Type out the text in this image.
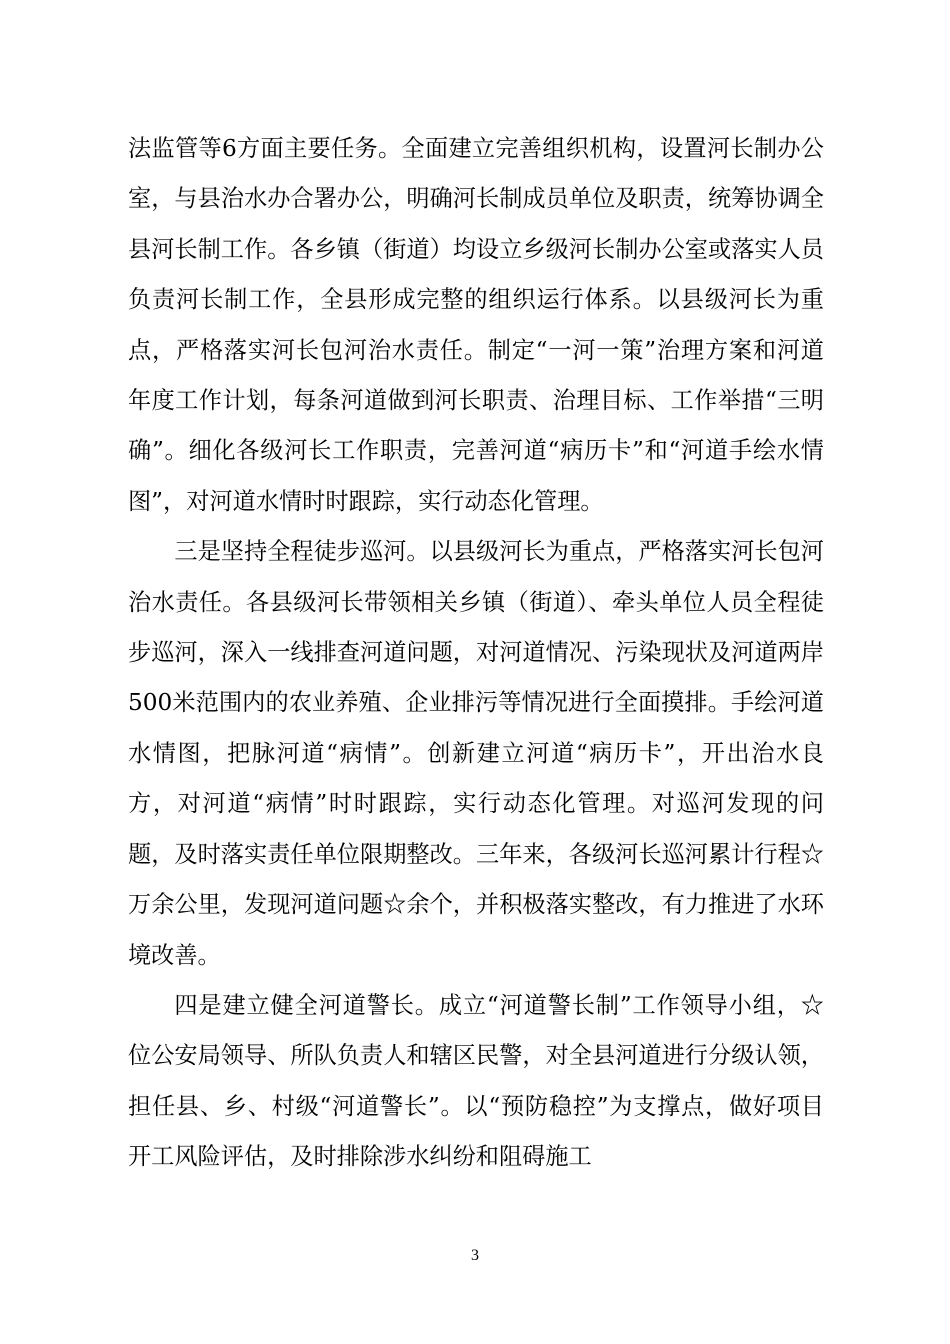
法监管等6方面主要任务。全面建立完善组织机构，设置河长制办公室，与县治水办合署办公，明确河长制成员单位及职责，统筹协调全县河长制工作。各乡镇（街道）均设立乡级河长制办公室或落实人员负责河长制工作，全县形成完整的组织运行体系。以县级河长为重点，严格落实河长包河治水责任。制定“一河一策”治理方案和河道年度工作计划，每条河道做到河长职责、治理目标、工作举措“三明确”。细化各级河长工作职责，完善河道“病历卡”和“河道手绘水情图”，对河道水情时时跟踪，实行动态化管理。

三是坚持全程徒步巡河。以县级河长为重点，严格落实河长包河治水责任。各县级河长带领相关乡镇（街道）、牵头单位人员全程徒步巡河，深入一线排查河道问题，对河道情况、污染现状及河道两岸500米范围内的农业养殖、企业排污等情况进行全面摸排。手绘河道水情图，把脉河道“病情”。创新建立河道“病历卡”，开出治水良方，对河道“病情”时时跟踪，实行动态化管理。对巡河发现的问题，及时落实责任单位限期整改。三年来，各级河长巡河累计行程☆万余公里，发现河道问题☆余个，并积极落实整改，有力推进了水环境改善。

四是建立健全河道警长。成立“河道警长制”工作领导小组，☆位公安局领导、所队负责人和辖区民警，对全县河道进行分级认领，担任县、乡、村级“河道警长”。以“预防稳控”为支撑点，做好项目开工风险评估，及时排除涉水纠纷和阻碍施工

3
